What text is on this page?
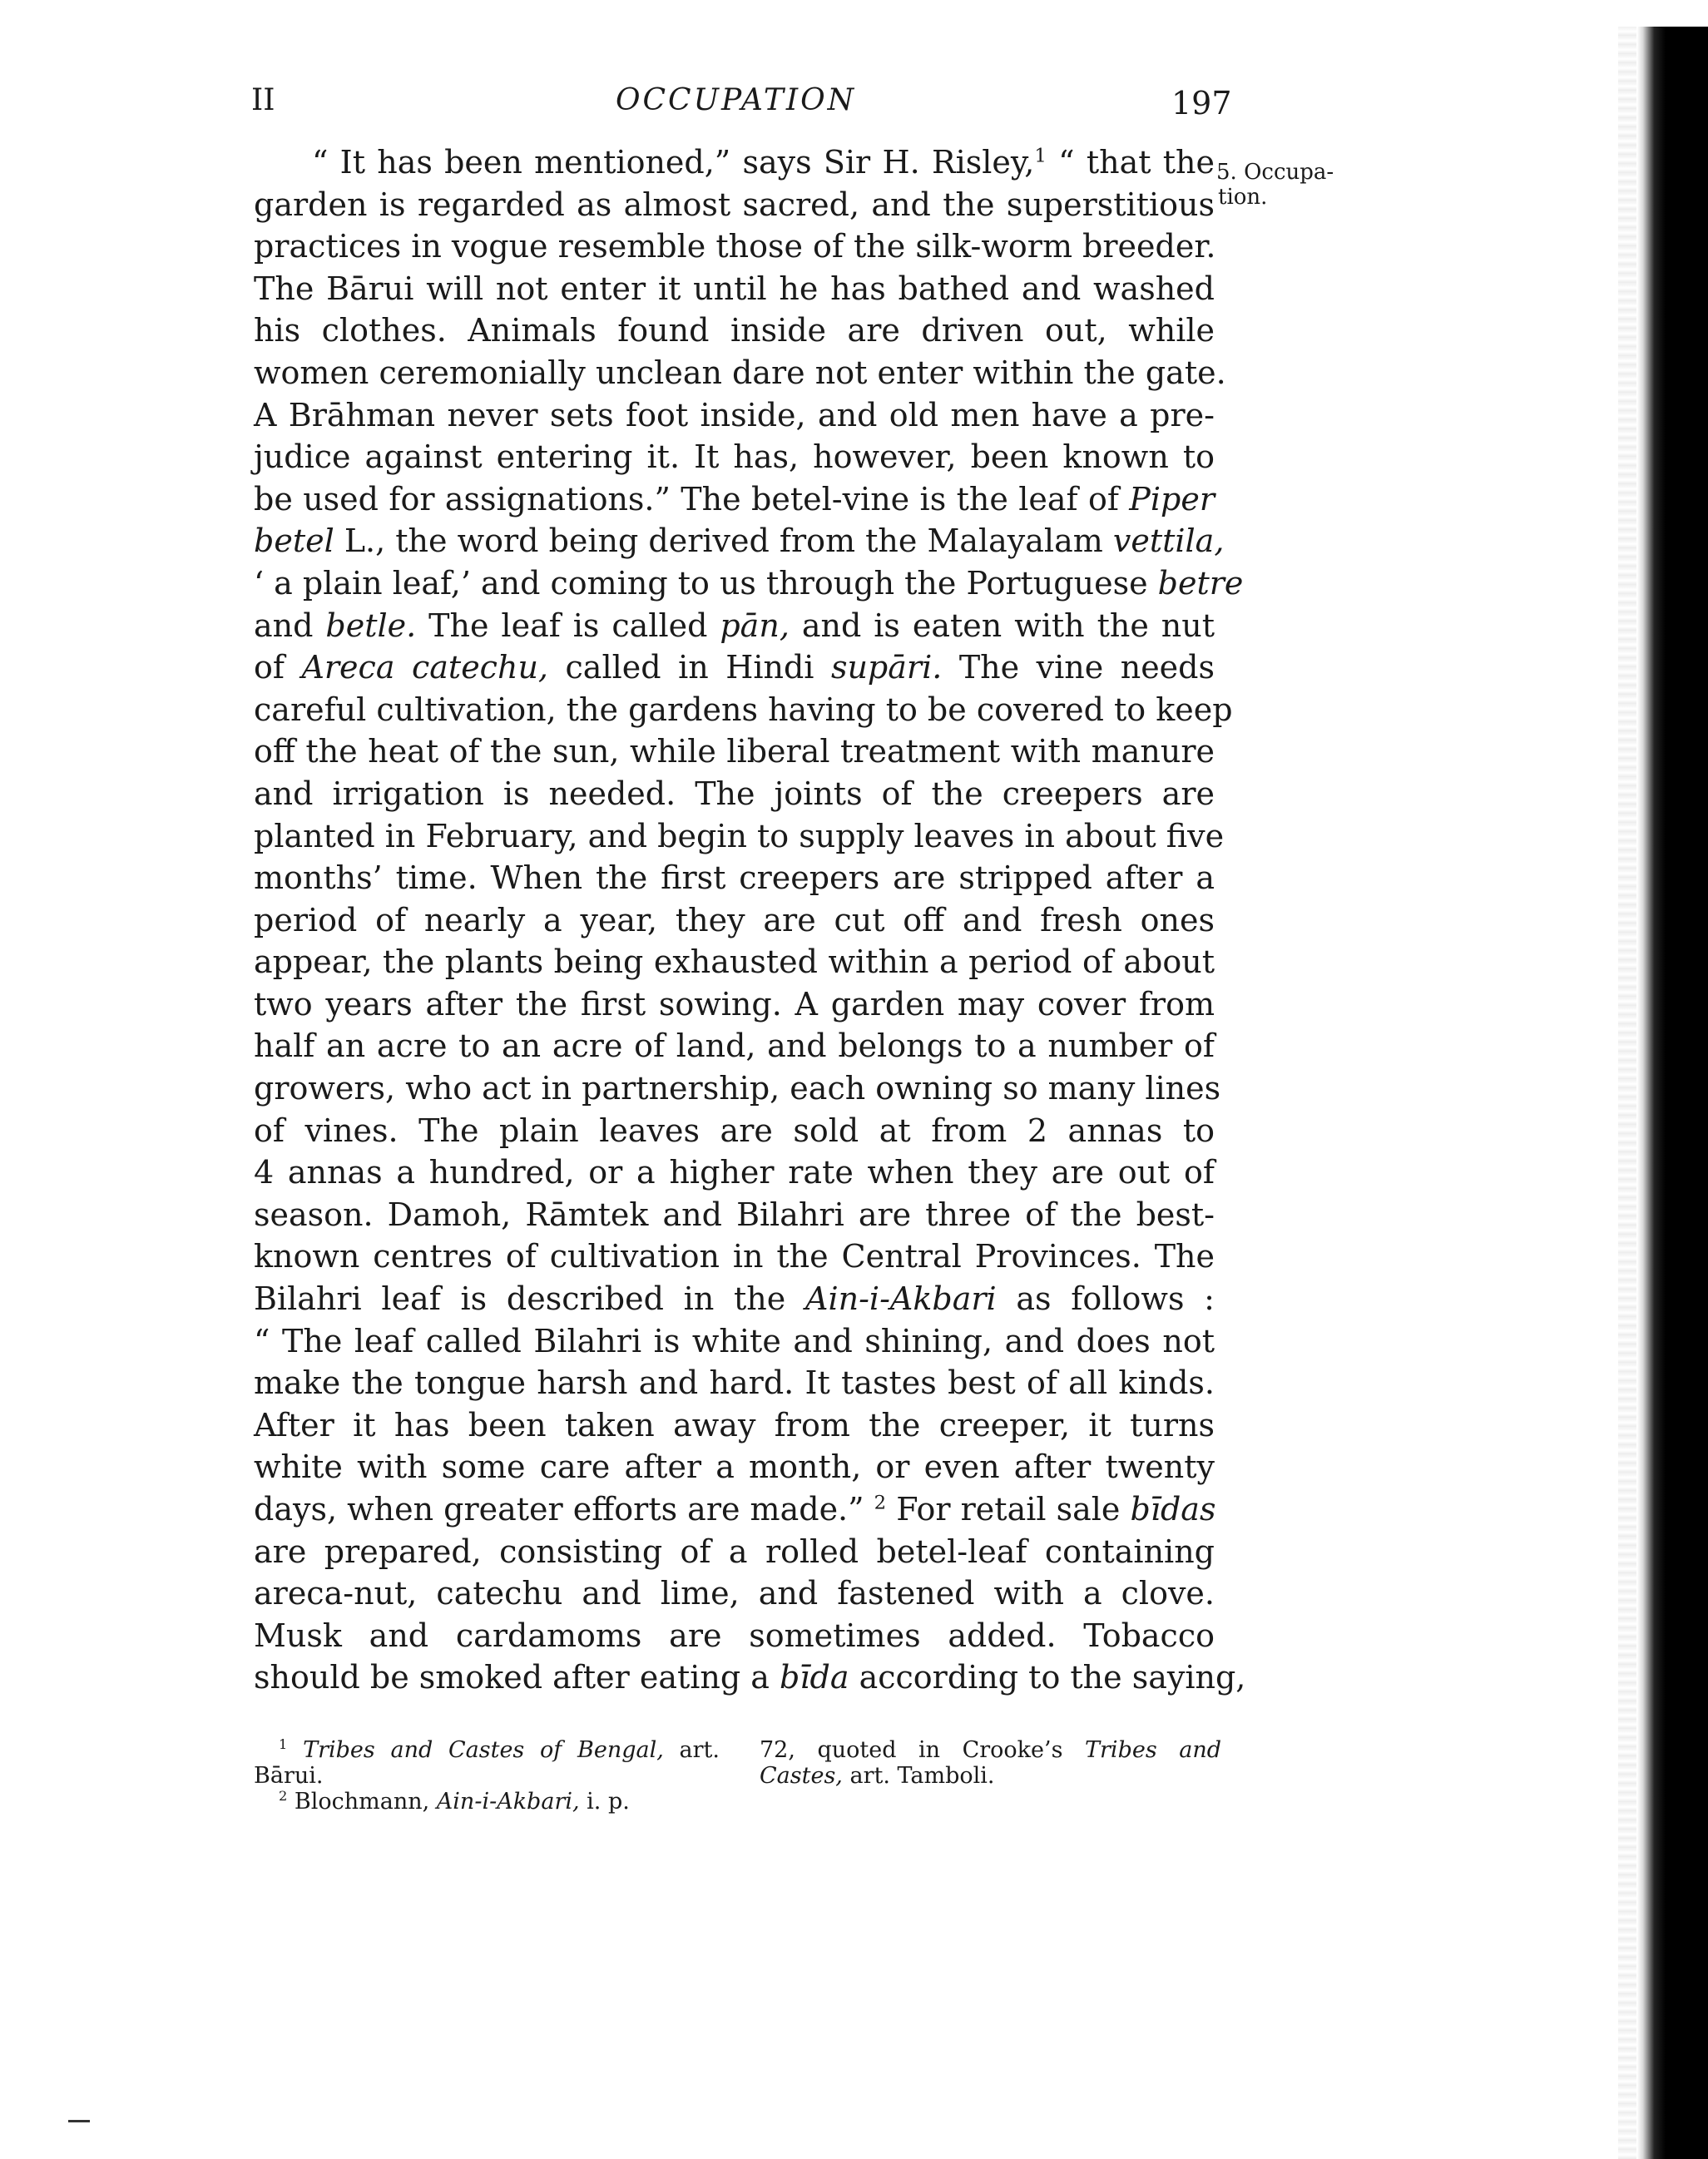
II	OCCUPATION	197
5. Occupa-
tion.
“ It has been mentioned,” says Sir H. Risley,$^1$ “ that the
garden is regarded as almost sacred, and the superstitious
practices in vogue resemble those of the silk-worm breeder.
The Bārui will not enter it until he has bathed and washed
his clothes. Animals found inside are driven out, while
women ceremonially unclean dare not enter within the gate.
A Brāhman never sets foot inside, and old men have a pre-
judice against entering it. It has, however, been known to
be used for assignations.” The betel-vine is the leaf of Piper
betel L., the word being derived from the Malayalam vettila,
‘ a plain leaf,’ and coming to us through the Portuguese betre
and betle. The leaf is called pān, and is eaten with the nut
of Areca catechu, called in Hindi supāri. The vine needs
careful cultivation, the gardens having to be covered to keep
off the heat of the sun, while liberal treatment with manure
and irrigation is needed. The joints of the creepers are
planted in February, and begin to supply leaves in about five
months’ time. When the first creepers are stripped after a
period of nearly a year, they are cut off and fresh ones
appear, the plants being exhausted within a period of about
two years after the first sowing. A garden may cover from
half an acre to an acre of land, and belongs to a number of
growers, who act in partnership, each owning so many lines
of vines. The plain leaves are sold at from 2 annas to
4 annas a hundred, or a higher rate when they are out of
season. Damoh, Rāmtek and Bilahri are three of the best-
known centres of cultivation in the Central Provinces. The
Bilahri leaf is described in the Ain-i-Akbari as follows :
“ The leaf called Bilahri is white and shining, and does not
make the tongue harsh and hard. It tastes best of all kinds.
After it has been taken away from the creeper, it turns
white with some care after a month, or even after twenty
days, when greater efforts are made.” $^2$ For retail sale bīdas
are prepared, consisting of a rolled betel-leaf containing
areca-nut, catechu and lime, and fastened with a clove.
Musk and cardamoms are sometimes added. Tobacco
should be smoked after eating a bīda according to the saying,
$^1$ Tribes and Castes of Bengal, art.
Bārui.
$^2$ Blochmann, Ain-i-Akbari, i. p.
72, quoted in Crooke’s Tribes and
Castes, art. Tamboli.
